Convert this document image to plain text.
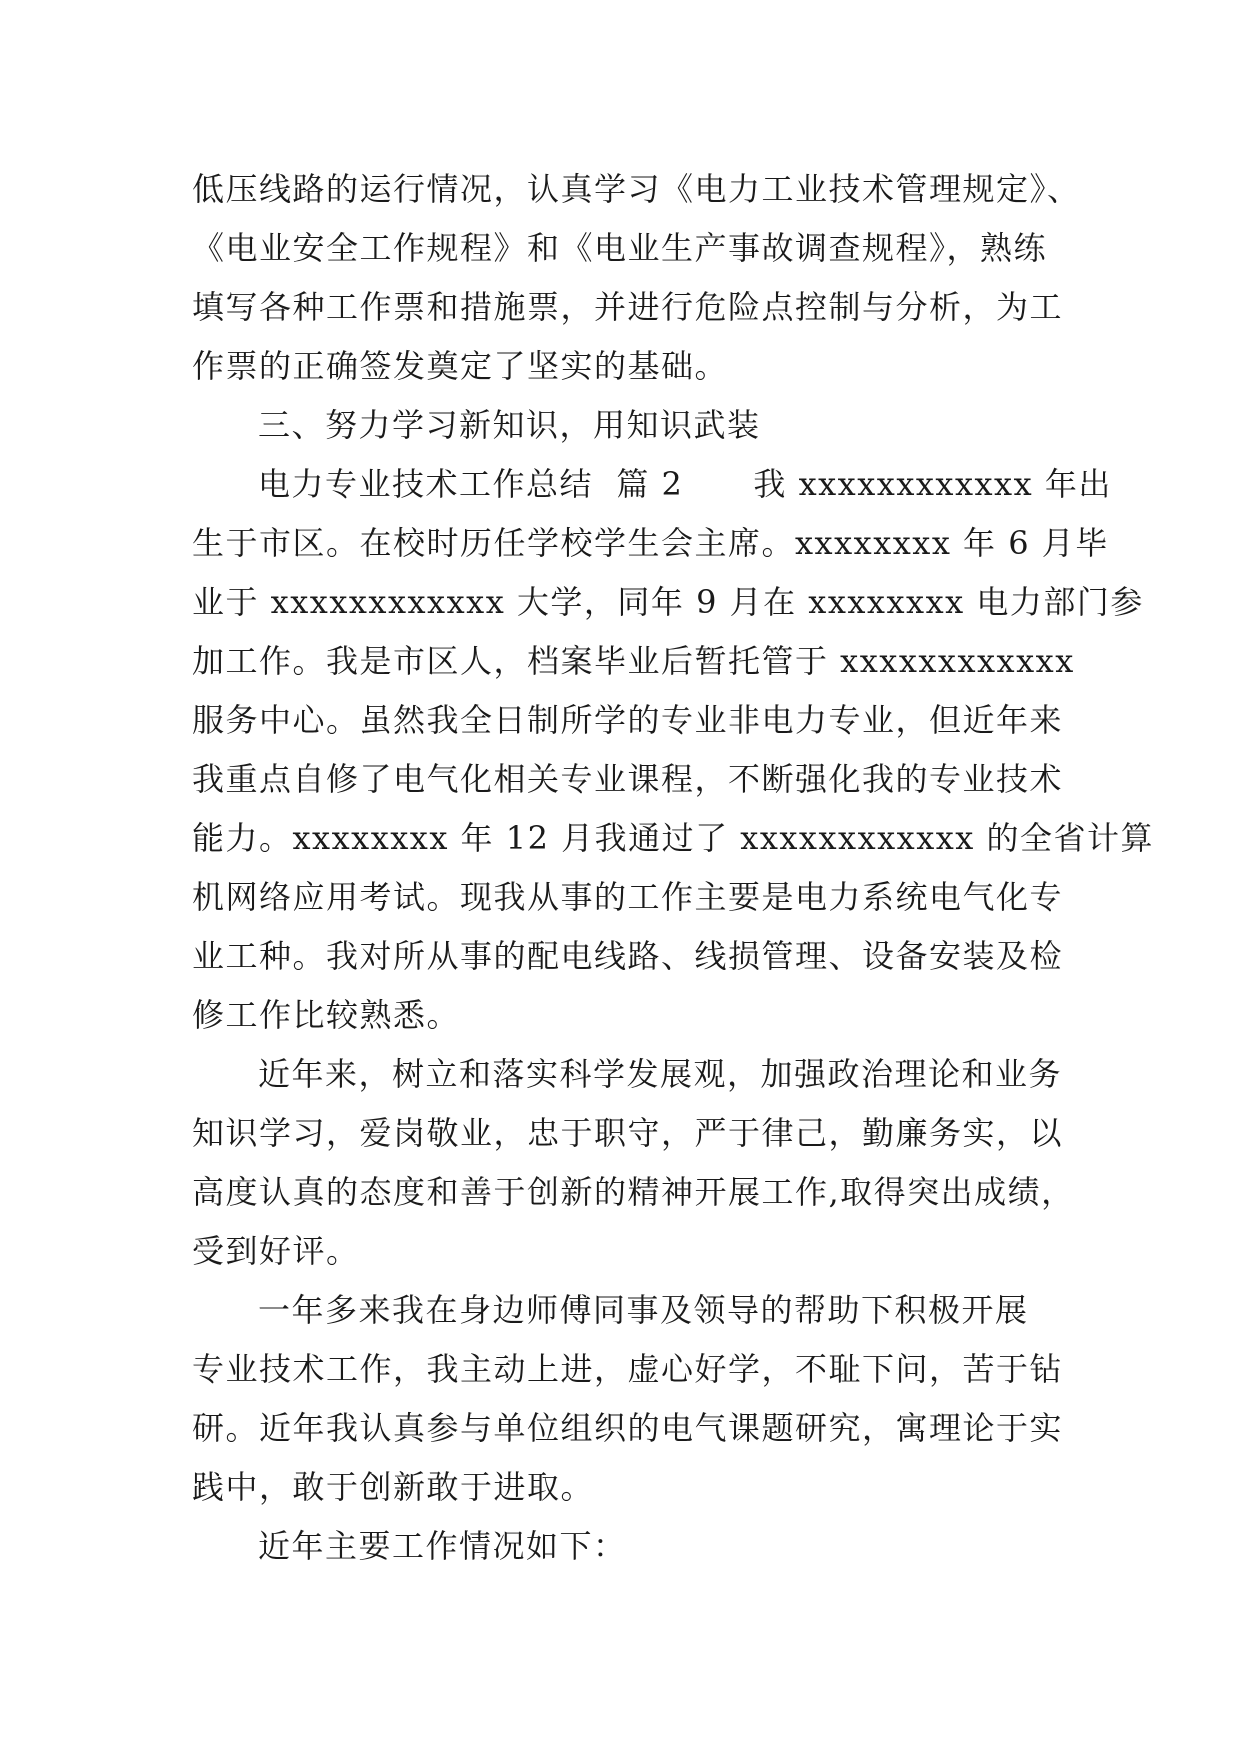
低压线路的运行情况，认真学习《电力工业技术管理规定》、
《电业安全工作规程》和《电业生产事故调查规程》，熟练
填写各种工作票和措施票，并进行危险点控制与分析，为工
作票的正确签发奠定了坚实的基础。
三、努力学习新知识，用知识武装
电力专业技术工作总结  篇 2      我 xxxxxxxxxxxx 年出
生于市区。在校时历任学校学生会主席。xxxxxxxx 年 6 月毕
业于 xxxxxxxxxxxx 大学，同年 9 月在 xxxxxxxx 电力部门参
加工作。我是市区人，档案毕业后暂托管于 xxxxxxxxxxxx
服务中心。虽然我全日制所学的专业非电力专业，但近年来
我重点自修了电气化相关专业课程，不断强化我的专业技术
能力。xxxxxxxx 年 12 月我通过了 xxxxxxxxxxxx 的全省计算
机网络应用考试。现我从事的工作主要是电力系统电气化专
业工种。我对所从事的配电线路、线损管理、设备安装及检
修工作比较熟悉。
近年来，树立和落实科学发展观，加强政治理论和业务
知识学习，爱岗敬业，忠于职守，严于律己，勤廉务实，以
高度认真的态度和善于创新的精神开展工作,取得突出成绩，
受到好评。
一年多来我在身边师傅同事及领导的帮助下积极开展
专业技术工作，我主动上进，虚心好学，不耻下问，苦于钻
研。近年我认真参与单位组织的电气课题研究，寓理论于实
践中，敢于创新敢于进取。
近年主要工作情况如下：
